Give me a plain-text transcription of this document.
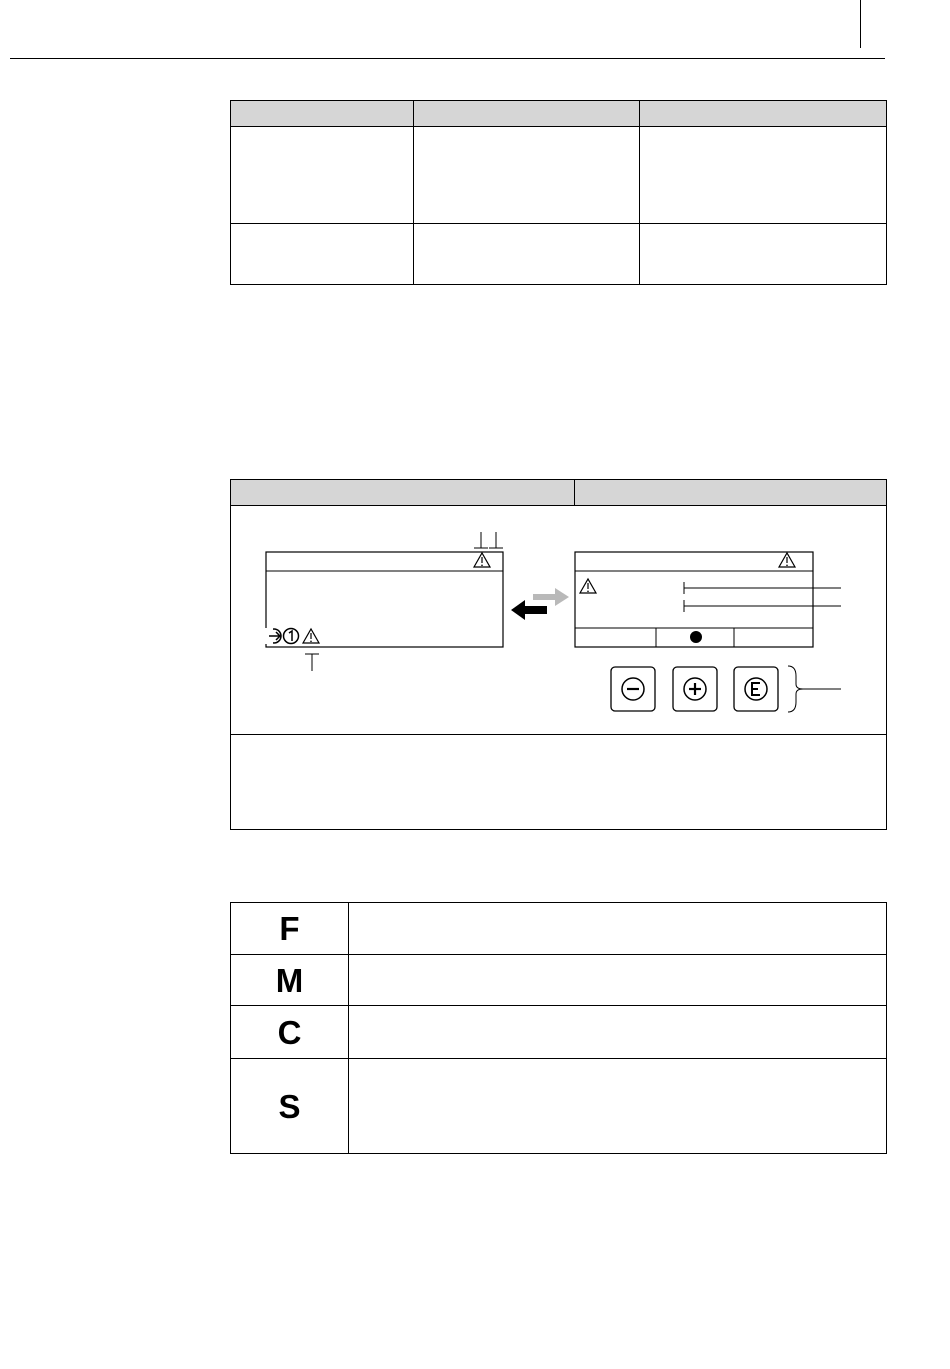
F	
M	
C	
S	
